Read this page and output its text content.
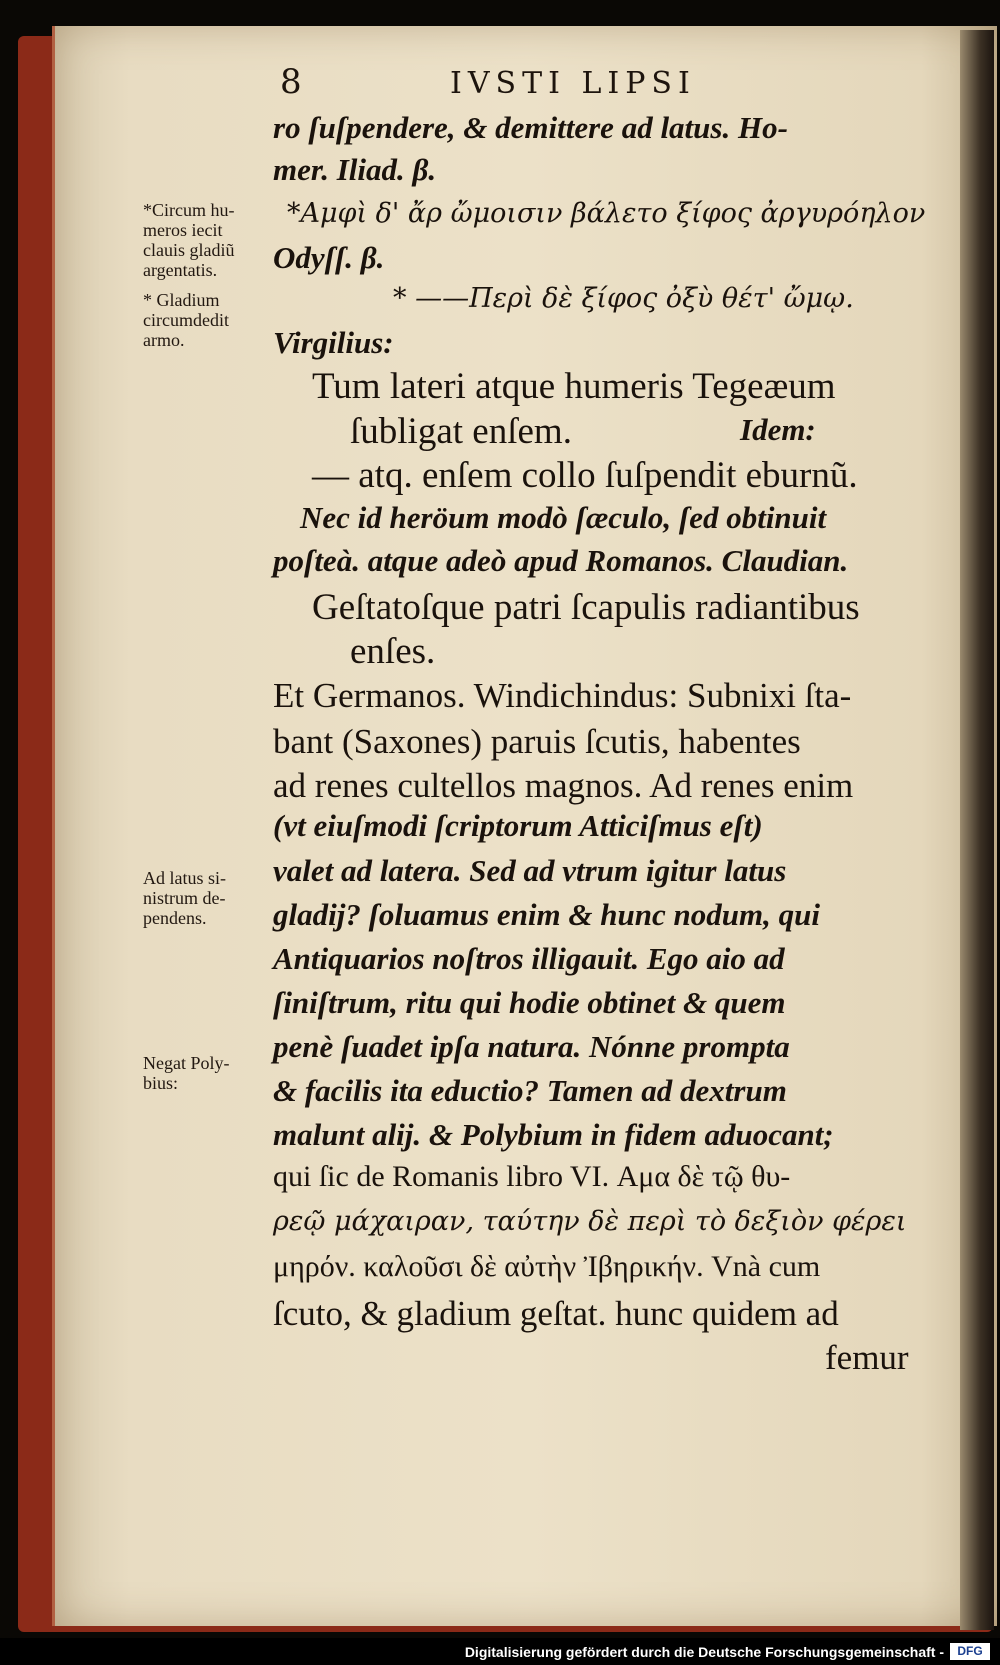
8	IVSTI LIPSI
*Circum hu-
meros iecit
clauis gladiũ
argentatis.
* Gladium
circumdedit
armo.
Ad latus si-
nistrum de-
pendens.
Negat Poly-
bius:
ro ſuſpendere, & demittere ad latus. Ho-
mer. Iliad. β.
*Αμφὶ δ' ἄρ ὤμοισιν βάλετο ξίφος ἀργυρόηλον
Odyſſ. β.
* ——Περὶ δὲ ξίφος ὀξὺ θέτ' ὤμῳ.
Virgilius:
Tum lateri atque humeris Tegeæum
ſubligat enſem.	Idem:
— atq. enſem collo ſuſpendit eburnũ.
Nec id heröum modò ſæculo, ſed obtinuit
poſteà. atque adeò apud Romanos. Claudian.
Geſtatoſque patri ſcapulis radiantibus
enſes.
Et Germanos. Windichindus: Subnixi ſta-
bant (Saxones) paruis ſcutis, habentes
ad renes cultellos magnos. Ad renes enim
(vt eiuſmodi ſcriptorum Atticiſmus eſt)
valet ad latera. Sed ad vtrum igitur latus
gladij? ſoluamus enim & hunc nodum, qui
Antiquarios noſtros illigauit. Ego aio ad
ſiniſtrum, ritu qui hodie obtinet & quem
penè ſuadet ipſa natura. Nónne prompta
& facilis ita eductio? Tamen ad dextrum
malunt alij. & Polybium in fidem aduocant;
qui ſic de Romanis libro VI. Αμα δὲ τῷ θυ-
ρεῷ μάχαιραν, ταύτην δὲ περὶ τὸ δεξιὸν φέρει
μηρόν. καλοῦσι δὲ αὐτὴν Ἰβηρικήν. Vnà cum
ſcuto, & gladium geſtat. hunc quidem ad
femur
Digitalisierung gefördert durch die Deutsche Forschungsgemeinschaft -	DFG
